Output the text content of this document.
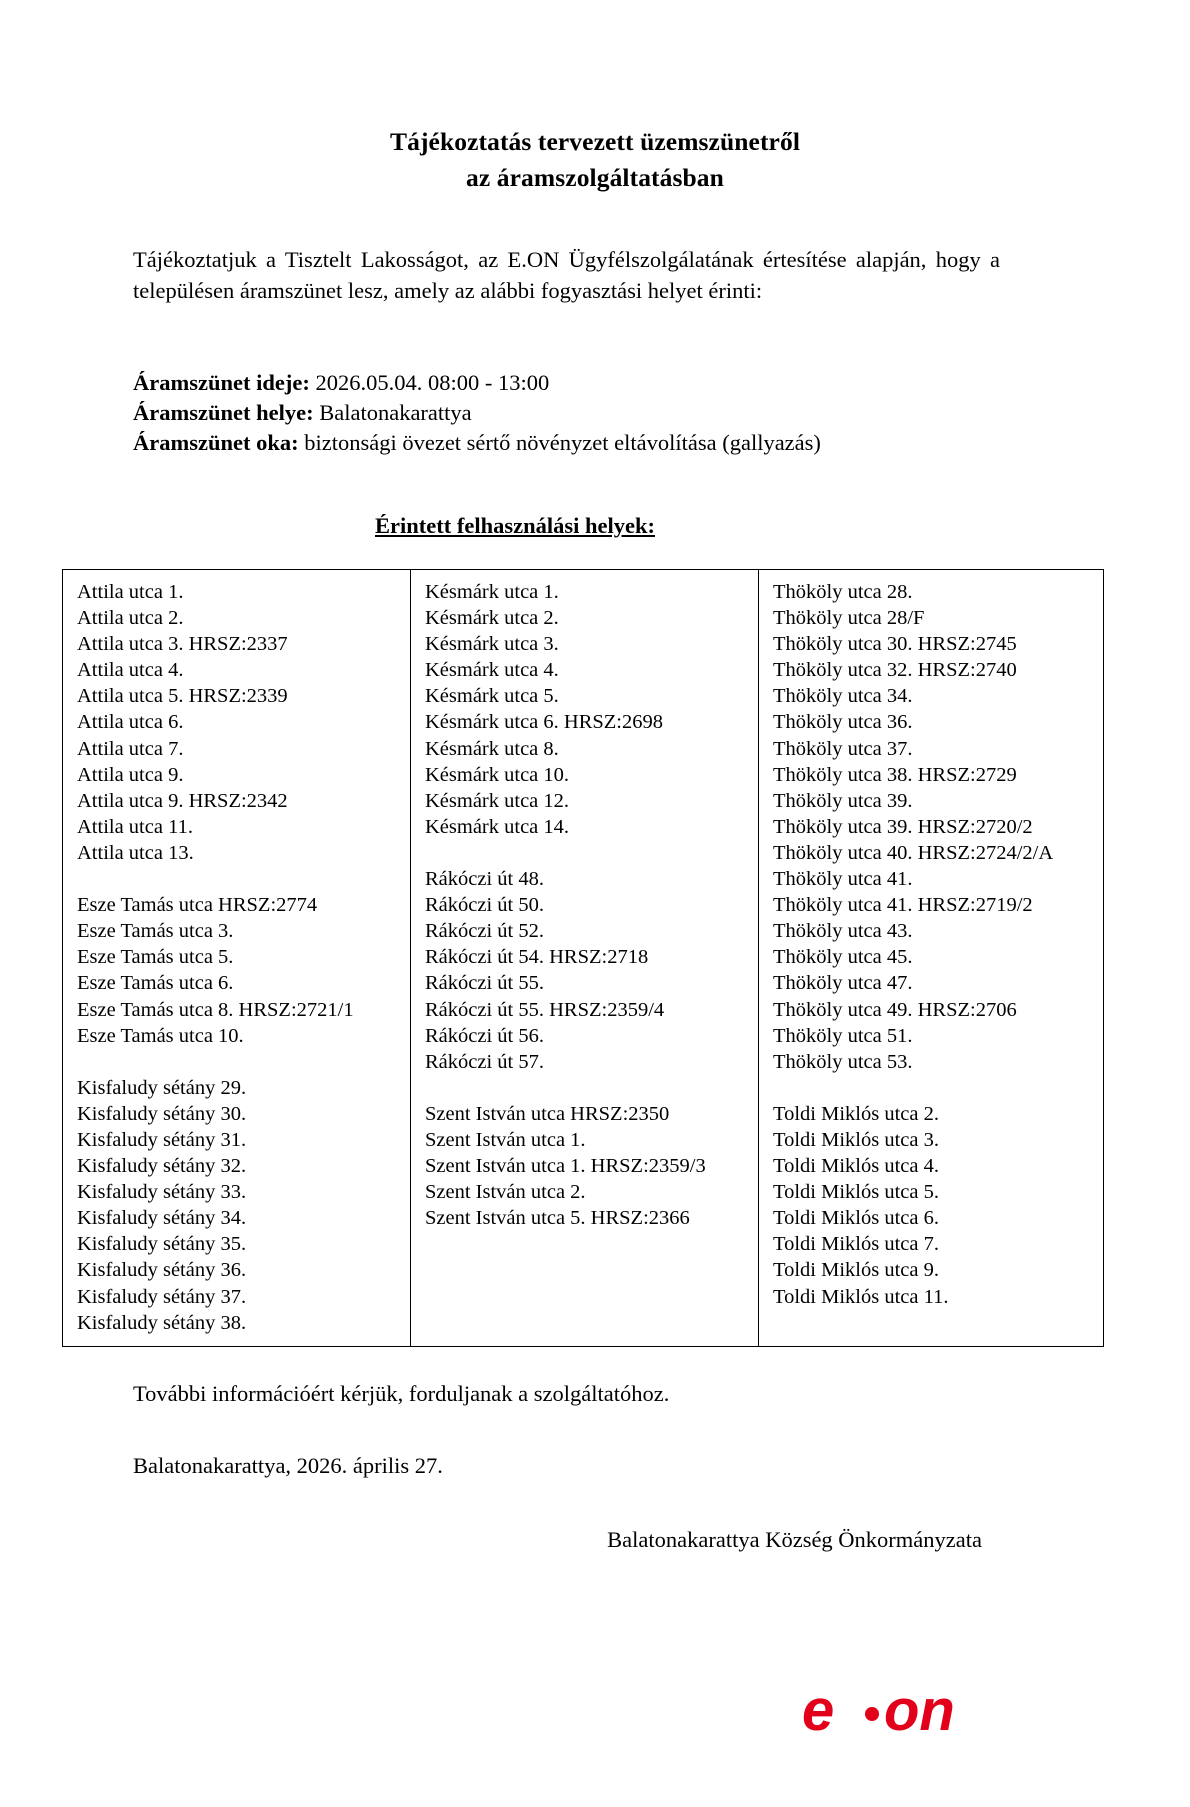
Tájékoztatás tervezett üzemszünetről
az áramszolgáltatásban
Tájékoztatjuk a Tisztelt Lakosságot, az E.ON Ügyfélszolgálatának értesítése alapján, hogy a településen áramszünet lesz, amely az alábbi fogyasztási helyet érinti:
Áramszünet ideje: 2026.05.04. 08:00 - 13:00
Áramszünet helye: Balatonakarattya
Áramszünet oka: biztonsági övezet sértő növényzet eltávolítása (gallyazás)
Érintett felhasználási helyek:
Attila utca 1.
Attila utca 2.
Attila utca 3. HRSZ:2337
Attila utca 4.
Attila utca 5. HRSZ:2339
Attila utca 6.
Attila utca 7.
Attila utca 9.
Attila utca 9. HRSZ:2342
Attila utca 11.
Attila utca 13.

Esze Tamás utca HRSZ:2774
Esze Tamás utca 3.
Esze Tamás utca 5.
Esze Tamás utca 6.
Esze Tamás utca 8. HRSZ:2721/1
Esze Tamás utca 10.

Kisfaludy sétány 29.
Kisfaludy sétány 30.
Kisfaludy sétány 31.
Kisfaludy sétány 32.
Kisfaludy sétány 33.
Kisfaludy sétány 34.
Kisfaludy sétány 35.
Kisfaludy sétány 36.
Kisfaludy sétány 37.
Kisfaludy sétány 38.

Késmárk utca 1.
Késmárk utca 2.
Késmárk utca 3.
Késmárk utca 4.
Késmárk utca 5.
Késmárk utca 6. HRSZ:2698
Késmárk utca 8.
Késmárk utca 10.
Késmárk utca 12.
Késmárk utca 14.

Rákóczi út 48.
Rákóczi út 50.
Rákóczi út 52.
Rákóczi út 54. HRSZ:2718
Rákóczi út 55.
Rákóczi út 55. HRSZ:2359/4
Rákóczi út 56.
Rákóczi út 57.

Szent István utca HRSZ:2350
Szent István utca 1.
Szent István utca 1. HRSZ:2359/3
Szent István utca 2.
Szent István utca 5. HRSZ:2366

Thököly utca 28.
Thököly utca 28/F
Thököly utca 30. HRSZ:2745
Thököly utca 32. HRSZ:2740
Thököly utca 34.
Thököly utca 36.
Thököly utca 37.
Thököly utca 38. HRSZ:2729
Thököly utca 39.
Thököly utca 39. HRSZ:2720/2
Thököly utca 40. HRSZ:2724/2/A
Thököly utca 41.
Thököly utca 41. HRSZ:2719/2
Thököly utca 43.
Thököly utca 45.
Thököly utca 47.
Thököly utca 49. HRSZ:2706
Thököly utca 51.
Thököly utca 53.

Toldi Miklós utca 2.
Toldi Miklós utca 3.
Toldi Miklós utca 4.
Toldi Miklós utca 5.
Toldi Miklós utca 6.
Toldi Miklós utca 7.
Toldi Miklós utca 9.
Toldi Miklós utca 11.
További információért kérjük, forduljanak a szolgáltatóhoz.
Balatonakarattya, 2026. április 27.
Balatonakarattya Község Önkormányzata
e on
